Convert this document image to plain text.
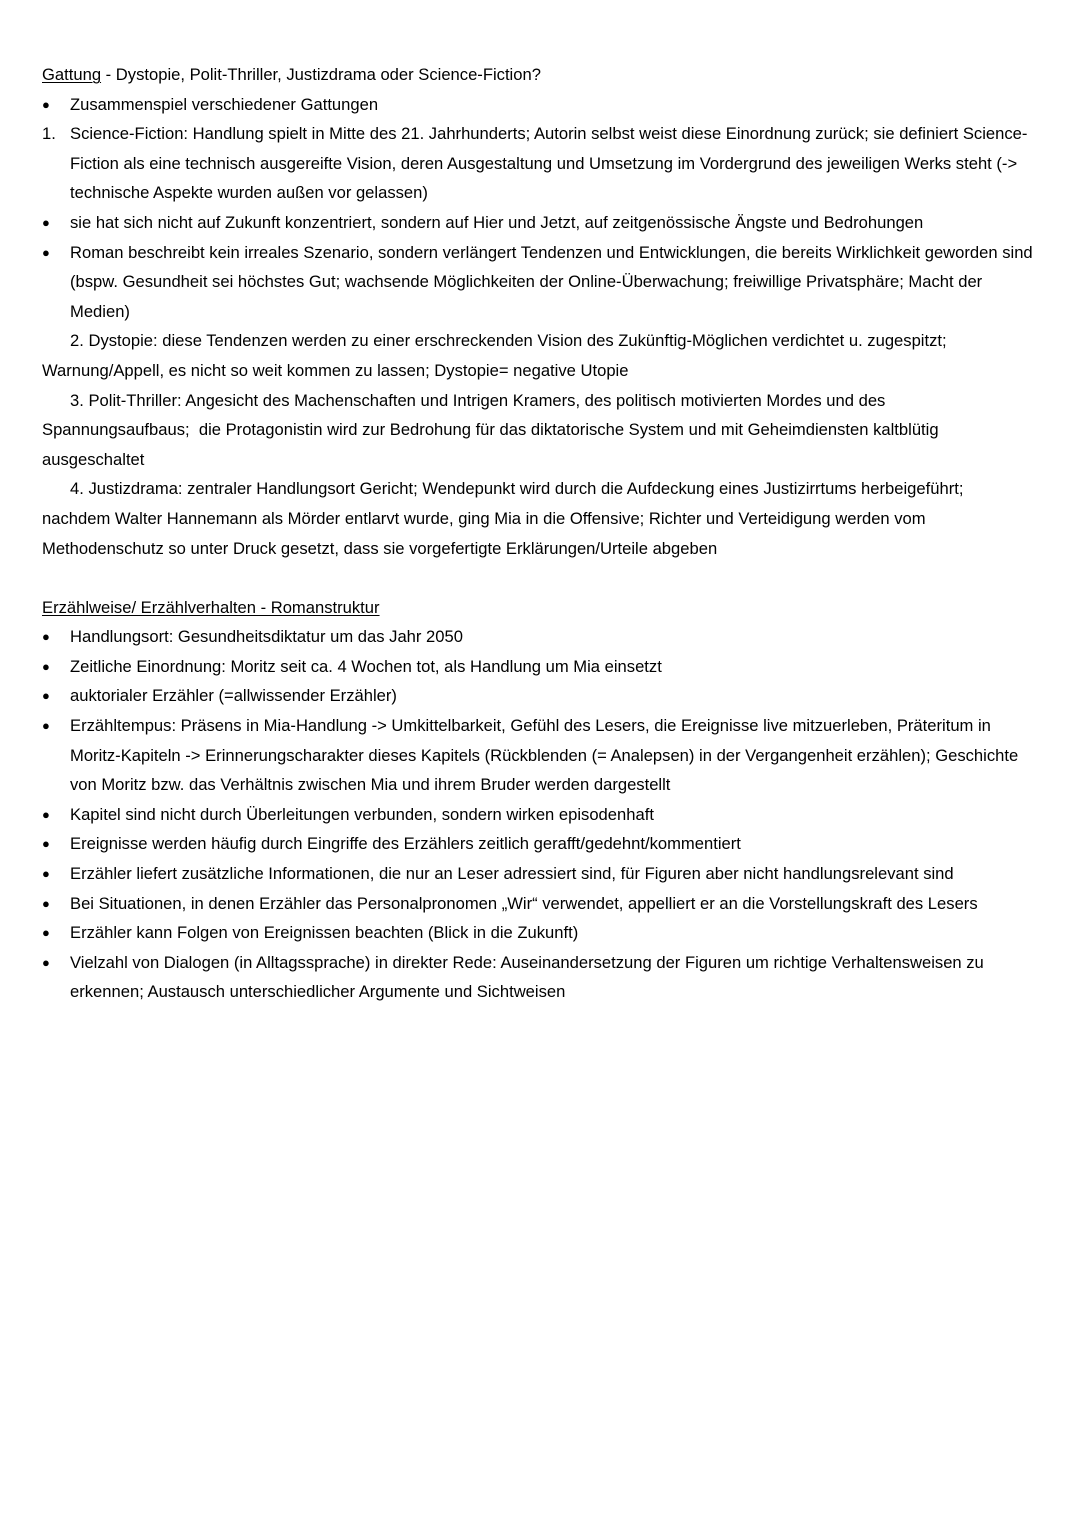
Gattung - Dystopie, Polit-Thriller, Justizdrama oder Science-Fiction?
●	Zusammenspiel verschiedener Gattungen
1. Science-Fiction: Handlung spielt in Mitte des 21. Jahrhunderts; Autorin selbst weist diese Einordnung zurück; sie definiert Science-Fiction als eine technisch ausgereifte Vision, deren Ausgestaltung und Umsetzung im Vordergrund des jeweiligen Werks steht (-> technische Aspekte wurden außen vor gelassen)
●	sie hat sich nicht auf Zukunft konzentriert, sondern auf Hier und Jetzt, auf zeitgenössische Ängste und Bedrohungen
●	Roman beschreibt kein irreales Szenario, sondern verlängert Tendenzen und Entwicklungen, die bereits Wirklichkeit geworden sind (bspw. Gesundheit sei höchstes Gut; wachsende Möglichkeiten der Online-Überwachung; freiwillige Privatsphäre; Macht der Medien)
2. Dystopie: diese Tendenzen werden zu einer erschreckenden Vision des Zukünftig-Möglichen verdichtet u. zugespitzt; Warnung/Appell, es nicht so weit kommen zu lassen; Dystopie= negative Utopie
3. Polit-Thriller: Angesicht des Machenschaften und Intrigen Kramers, des politisch motivierten Mordes und des Spannungsaufbaus;  die Protagonistin wird zur Bedrohung für das diktatorische System und mit Geheimdiensten kaltblütig ausgeschaltet
4. Justizdrama: zentraler Handlungsort Gericht; Wendepunkt wird durch die Aufdeckung eines Justizirrtums herbeigeführt; nachdem Walter Hannemann als Mörder entlarvt wurde, ging Mia in die Offensive; Richter und Verteidigung werden vom Methodenschutz so unter Druck gesetzt, dass sie vorgefertigte Erklärungen/Urteile abgeben

Erzählweise/ Erzählverhalten - Romanstruktur
●	Handlungsort: Gesundheitsdiktatur um das Jahr 2050
●	Zeitliche Einordnung: Moritz seit ca. 4 Wochen tot, als Handlung um Mia einsetzt
●	auktorialer Erzähler (=allwissender Erzähler)
●	Erzähltempus: Präsens in Mia-Handlung -> Umkittelbarkeit, Gefühl des Lesers, die Ereignisse live mitzuerleben, Präteritum in Moritz-Kapiteln -> Erinnerungscharakter dieses Kapitels (Rückblenden (= Analepsen) in der Vergangenheit erzählen); Geschichte von Moritz bzw. das Verhältnis zwischen Mia und ihrem Bruder werden dargestellt
●	Kapitel sind nicht durch Überleitungen verbunden, sondern wirken episodenhaft
●	Ereignisse werden häufig durch Eingriffe des Erzählers zeitlich gerafft/gedehnt/kommentiert
●	Erzähler liefert zusätzliche Informationen, die nur an Leser adressiert sind, für Figuren aber nicht handlungsrelevant sind
●	Bei Situationen, in denen Erzähler das Personalpronomen „Wir“ verwendet, appelliert er an die Vorstellungskraft des Lesers
●	Erzähler kann Folgen von Ereignissen beachten (Blick in die Zukunft)
●	Vielzahl von Dialogen (in Alltagssprache) in direkter Rede: Auseinandersetzung der Figuren um richtige Verhaltensweisen zu erkennen; Austausch unterschiedlicher Argumente und Sichtweisen
